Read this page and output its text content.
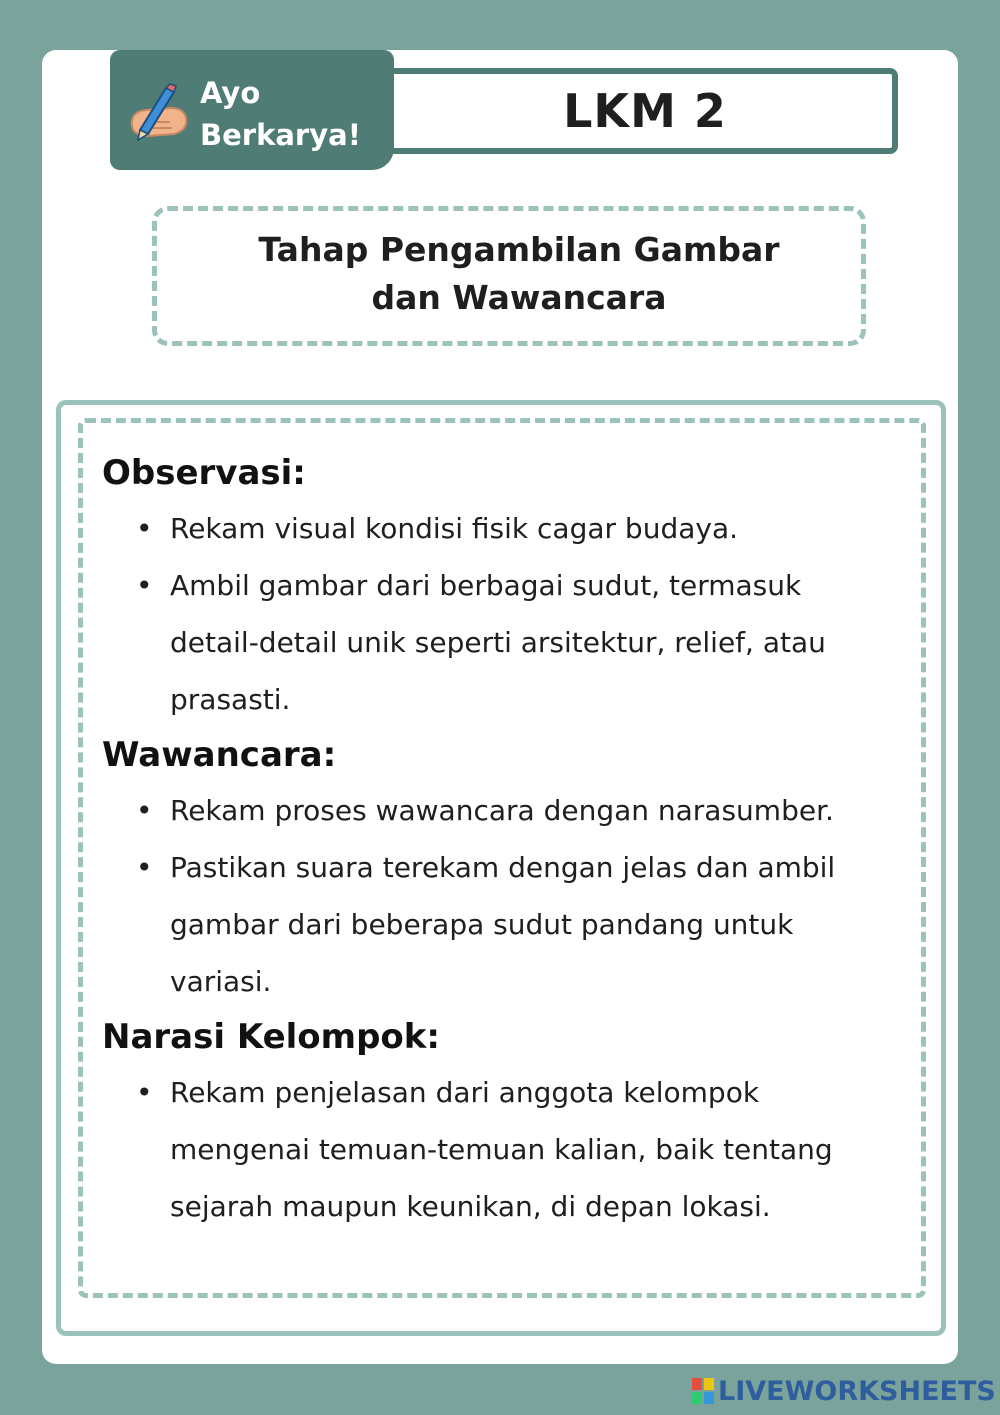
LKM 2
Ayo
Berkarya!
Tahap Pengambilan Gambar
dan Wawancara
Observasi:
• Rekam visual kondisi fisik cagar budaya.
• Ambil gambar dari berbagai sudut, termasuk detail-detail unik seperti arsitektur, relief, atau prasasti.
Wawancara:
• Rekam proses wawancara dengan narasumber.
• Pastikan suara terekam dengan jelas dan ambil gambar dari beberapa sudut pandang untuk variasi.
Narasi Kelompok:
• Rekam penjelasan dari anggota kelompok mengenai temuan-temuan kalian, baik tentang sejarah maupun keunikan, di depan lokasi.
LIVEWORKSHEETS
